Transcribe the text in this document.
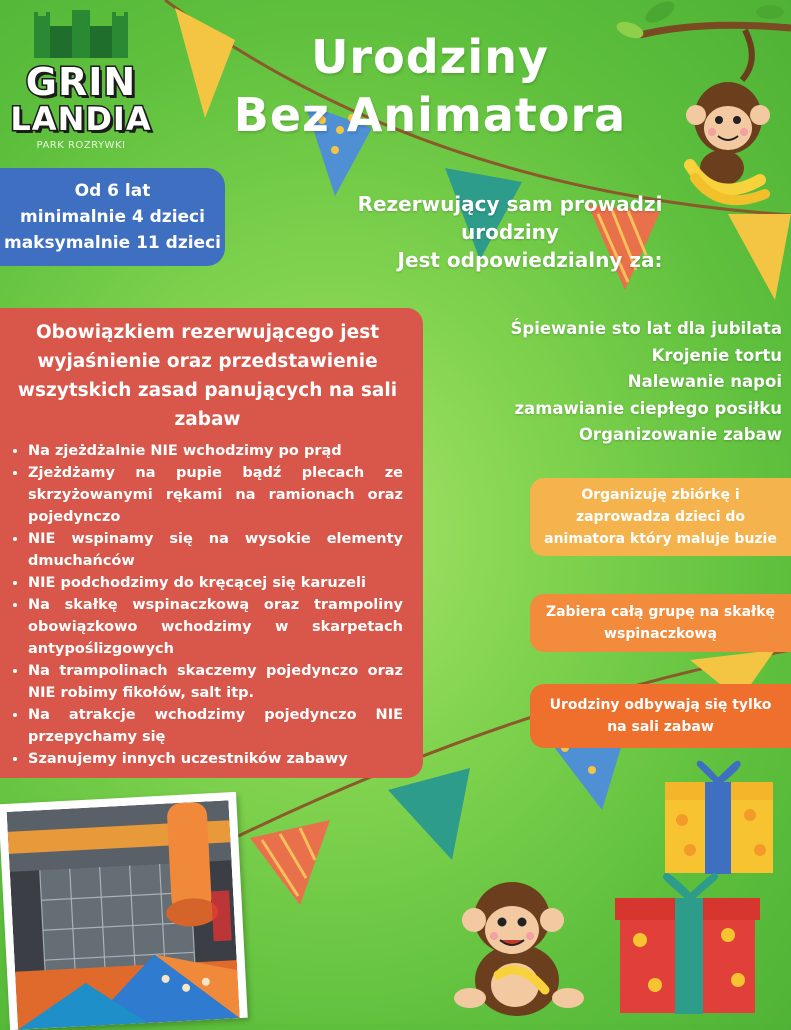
GRIN
LANDIA
PARK ROZRYWKI
Urodziny
Bez Animatora
Od 6 lat
minimalnie 4 dzieci
maksymalnie 11 dzieci
Rezerwujący sam prowadzi
urodziny
Jest odpowiedzialny za:
Śpiewanie sto lat dla jubilata
Krojenie tortu
Nalewanie napoi
zamawianie ciepłego posiłku
Organizowanie zabaw
Obowiązkiem rezerwującego jest wyjaśnienie oraz przedstawienie wszytskich zasad panujących na sali zabaw
• Na zjeżdżalnie NIE wchodzimy po prąd
• Zjeżdżamy na pupie bądź plecach ze skrzyżowanymi rękami na ramionach oraz pojedynczo
• NIE wspinamy się na wysokie elementy dmuchańców
• NIE podchodzimy do kręcącej się karuzeli
• Na skałkę wspinaczkową oraz trampoliny obowiązkowo wchodzimy w skarpetach antypoślizgowych
• Na trampolinach skaczemy pojedynczo oraz NIE robimy fikołów, salt itp.
• Na atrakcje wchodzimy pojedynczo NIE przepychamy się
• Szanujemy innych uczestników zabawy
Organizuję zbiórkę i zaprowadza dzieci do animatora który maluje buzie
Zabiera całą grupę na skałkę wspinaczkową
Urodziny odbywają się tylko na sali zabaw
